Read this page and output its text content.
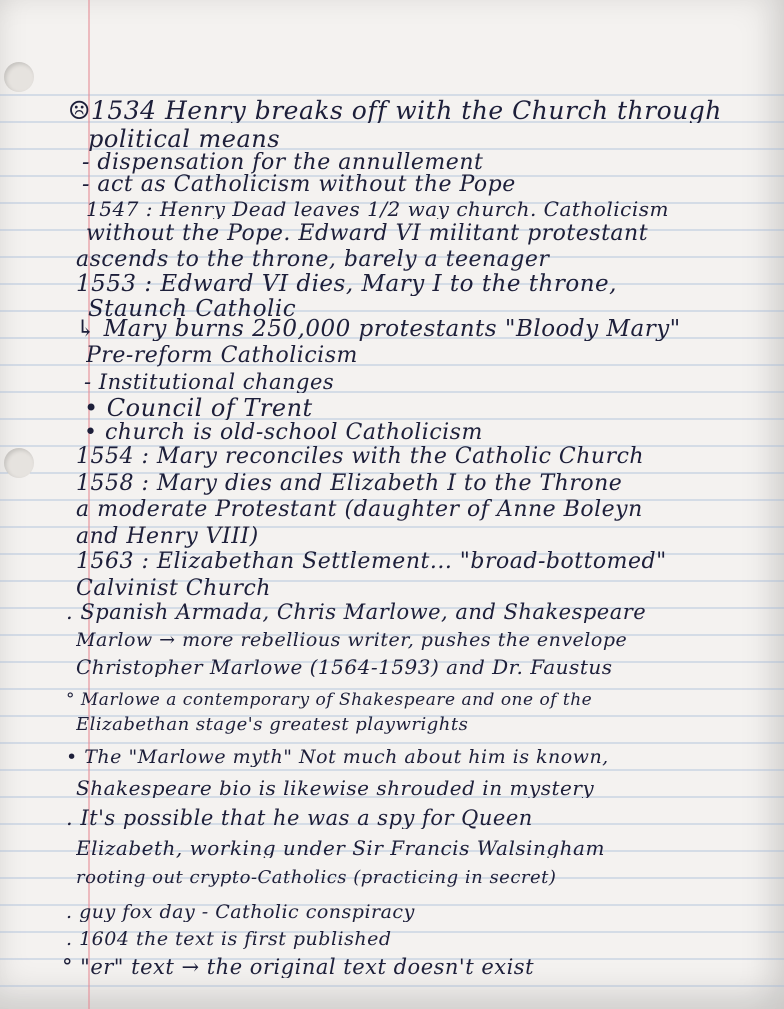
☹1534 Henry breaks off with the Church through
political means
- dispensation for the annullement
- act as Catholicism without the Pope
1547 : Henry Dead leaves 1/2 way church. Catholicism
without the Pope. Edward VI militant protestant
ascends to the throne, barely a teenager
1553 : Edward VI dies, Mary I to the throne,
Staunch Catholic
↳ Mary burns 250,000 protestants "Bloody Mary"
Pre-reform Catholicism
- Institutional changes
• Council of Trent
• church is old-school Catholicism
1554 : Mary reconciles with the Catholic Church
1558 : Mary dies and Elizabeth I to the Throne
a moderate Protestant (daughter of Anne Boleyn
and Henry VIII)
1563 : Elizabethan Settlement... "broad-bottomed"
Calvinist Church
. Spanish Armada, Chris Marlowe, and Shakespeare
Marlow → more rebellious writer, pushes the envelope
Christopher Marlowe (1564-1593) and Dr. Faustus
° Marlowe a contemporary of Shakespeare and one of the
Elizabethan stage's greatest playwrights
• The "Marlowe myth" Not much about him is known,
Shakespeare bio is likewise shrouded in mystery
. It's possible that he was a spy for Queen
Elizabeth, working under Sir Francis Walsingham
rooting out crypto-Catholics (practicing in secret)
. guy fox day - Catholic conspiracy
. 1604 the text is first published
° "er" text → the original text doesn't exist
